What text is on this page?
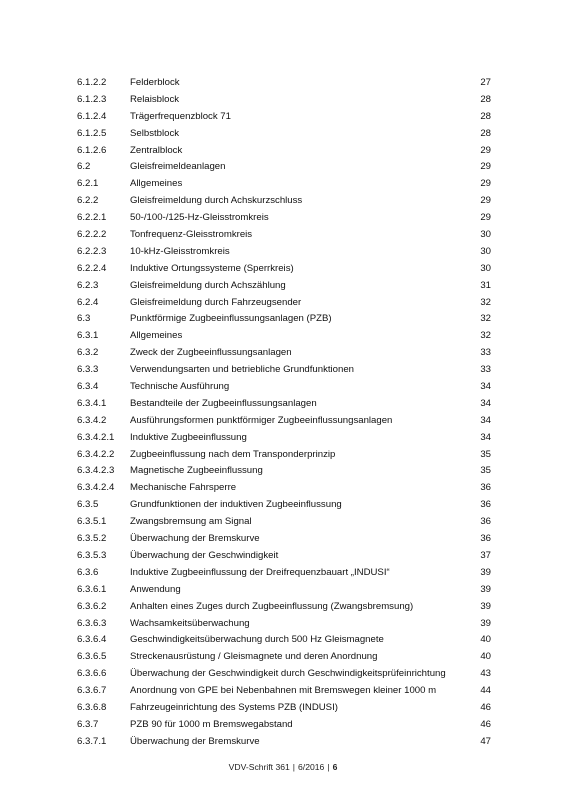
6.1.2.2 Felderblock	27
6.1.2.3 Relaisblock	28
6.1.2.4 Trägerfrequenzblock 71	28
6.1.2.5 Selbstblock	28
6.1.2.6 Zentralblock	29
6.2	Gleisfreimeldeanlagen	29
6.2.1	Allgemeines	29
6.2.2	Gleisfreimeldung durch Achskurzschluss	29
6.2.2.1 50-/100-/125-Hz-Gleisstromkreis	29
6.2.2.2 Tonfrequenz-Gleisstromkreis	30
6.2.2.3 10-kHz-Gleisstromkreis	30
6.2.2.4 Induktive Ortungssysteme (Sperrkreis)	30
6.2.3	Gleisfreimeldung durch Achszählung	31
6.2.4	Gleisfreimeldung durch Fahrzeugsender	32
6.3	Punktförmige Zugbeeinflussungsanlagen (PZB)	32
6.3.1	Allgemeines	32
6.3.2	Zweck der Zugbeeinflussungsanlagen	33
6.3.3	Verwendungsarten und betriebliche Grundfunktionen	33
6.3.4	Technische Ausführung	34
6.3.4.1 Bestandteile der Zugbeeinflussungsanlagen	34
6.3.4.2 Ausführungsformen punktförmiger Zugbeeinflussungsanlagen	34
6.3.4.2.1 Induktive Zugbeeinflussung	34
6.3.4.2.2 Zugbeeinflussung nach dem Transponderprinzip	35
6.3.4.2.3 Magnetische Zugbeeinflussung	35
6.3.4.2.4 Mechanische Fahrsperre	36
6.3.5	Grundfunktionen der induktiven Zugbeeinflussung	36
6.3.5.1 Zwangsbremsung am Signal	36
6.3.5.2 Überwachung der Bremskurve	36
6.3.5.3 Überwachung der Geschwindigkeit	37
6.3.6	Induktive Zugbeeinflussung der Dreifrequenzbauart „INDUSI“	39
6.3.6.1 Anwendung	39
6.3.6.2 Anhalten eines Zuges durch Zugbeeinflussung (Zwangsbremsung)	39
6.3.6.3 Wachsamkeitsüberwachung	39
6.3.6.4 Geschwindigkeitsüberwachung durch 500 Hz Gleismagnete	40
6.3.6.5 Streckenausrüstung / Gleismagnete und deren Anordnung	40
6.3.6.6 Überwachung der Geschwindigkeit durch Geschwindigkeitsprüfeinrichtung	43
6.3.6.7 Anordnung von GPE bei Nebenbahnen mit Bremswegen kleiner 1000 m	44
6.3.6.8 Fahrzeugeinrichtung des Systems PZB (INDUSI)	46
6.3.7	PZB 90 für 1000 m Bremswegabstand	46
6.3.7.1 Überwachung der Bremskurve	47
VDV-Schrift 361 | 6/2016 | 6
